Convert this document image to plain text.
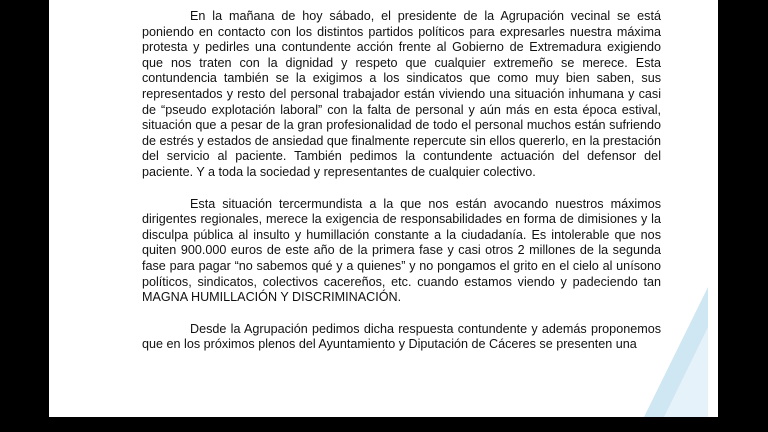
En la mañana de hoy sábado, el presidente de la Agrupación vecinal se está poniendo en contacto con los distintos partidos políticos para expresarles nuestra máxima protesta y pedirles una contundente acción frente al Gobierno de Extremadura exigiendo que nos traten con la dignidad y respeto que cualquier extremeño se merece. Esta contundencia también se la exigimos a los sindicatos que como muy bien saben, sus representados y resto del personal trabajador están viviendo una situación inhumana y casi de “pseudo explotación laboral” con la falta de personal y aún más en esta época estival, situación que a pesar de la gran profesionalidad de todo el personal muchos están sufriendo de estrés y estados de ansiedad que finalmente repercute sin ellos quererlo, en la prestación del servicio al paciente. También pedimos la contundente actuación del defensor del paciente. Y a toda la sociedad y representantes de cualquier colectivo.

Esta situación tercermundista a la que nos están avocando nuestros máximos dirigentes regionales, merece la exigencia de responsabilidades en forma de dimisiones y la disculpa pública al insulto y humillación constante a la ciudadanía. Es intolerable que nos quiten 900.000 euros de este año de la primera fase y casi otros 2 millones de la segunda fase para pagar “no sabemos qué y a quienes” y no pongamos el grito en el cielo al unísono políticos, sindicatos, colectivos cacereños, etc. cuando estamos viendo y padeciendo tan MAGNA HUMILLACIÓN Y DISCRIMINACIÓN.

Desde la Agrupación pedimos dicha respuesta contundente y además proponemos que en los próximos plenos del Ayuntamiento y Diputación de Cáceres se presenten una
